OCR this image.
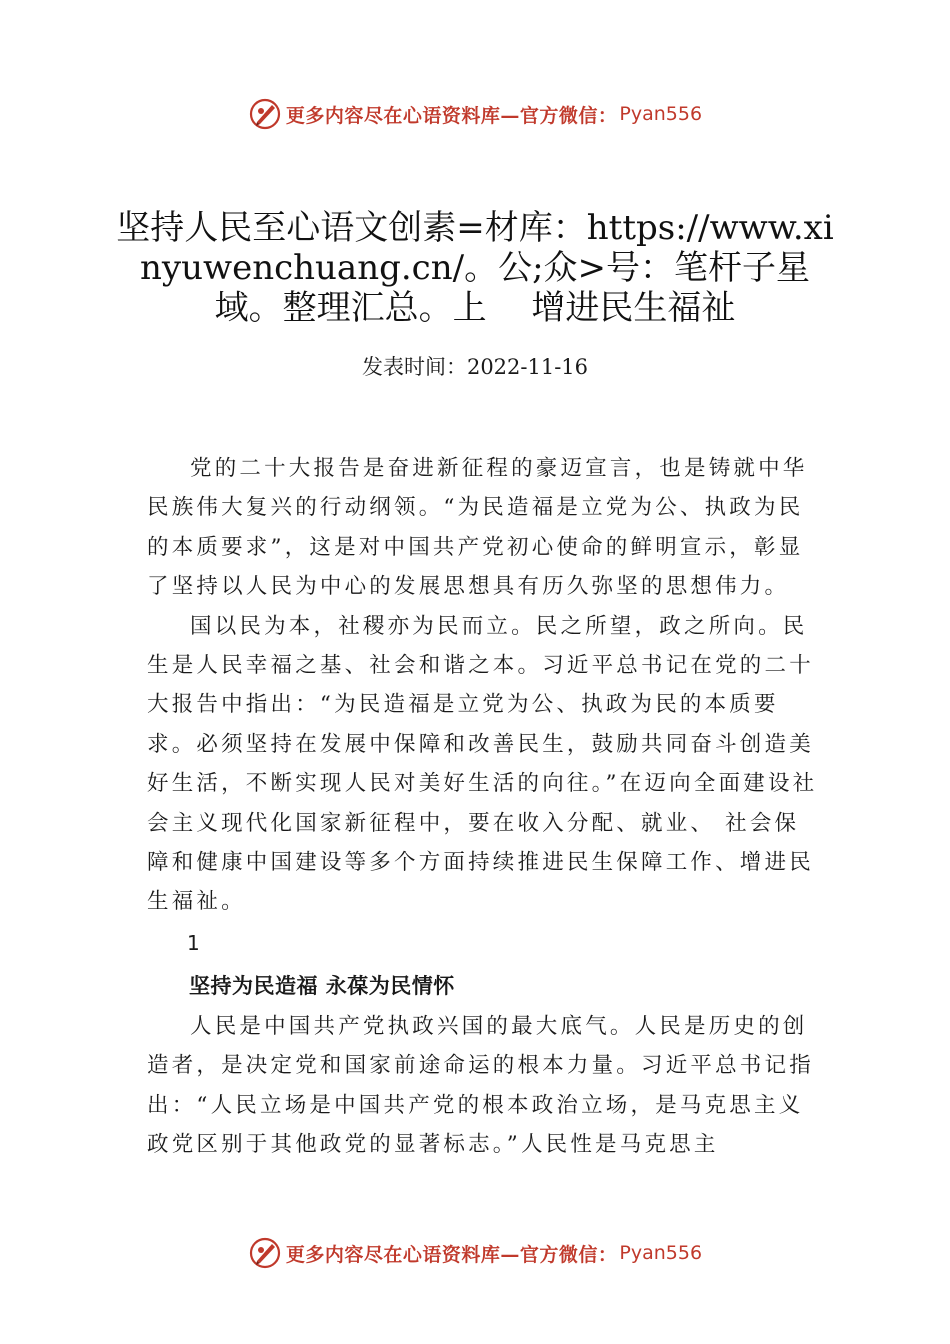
更多内容尽在心语资料库—官方微信： Pyan556
坚持人民至心语文创素=材库：https://www.xinyuwenchuang.cn/。公;众>号：笔杆子星域。整理汇总。上　 增进民生福祉
发表时间：2022-11-16

党的二十大报告是奋进新征程的豪迈宣言，也是铸就中华民族伟大复兴的行动纲领。“为民造福是立党为公、执政为民的本质要求”，这是对中国共产党初心使命的鲜明宣示，彰显了坚持以人民为中心的发展思想具有历久弥坚的思想伟力。

国以民为本，社稷亦为民而立。民之所望，政之所向。民生是人民幸福之基、社会和谐之本。习近平总书记在党的二十大报告中指出：“为民造福是立党为公、执政为民的本质要求。必须坚持在发展中保障和改善民生，鼓励共同奋斗创造美好生活，不断实现人民对美好生活的向往。”在迈向全面建设社会主义现代化国家新征程中，要在收入分配、就业、 社会保障和健康中国建设等多个方面持续推进民生保障工作、增进民生福祉。

1

坚持为民造福 永葆为民情怀

人民是中国共产党执政兴国的最大底气。人民是历史的创造者，是决定党和国家前途命运的根本力量。习近平总书记指出：“人民立场是中国共产党的根本政治立场，是马克思主义政党区别于其他政党的显著标志。”人民性是马克思主

更多内容尽在心语资料库—官方微信： Pyan556
